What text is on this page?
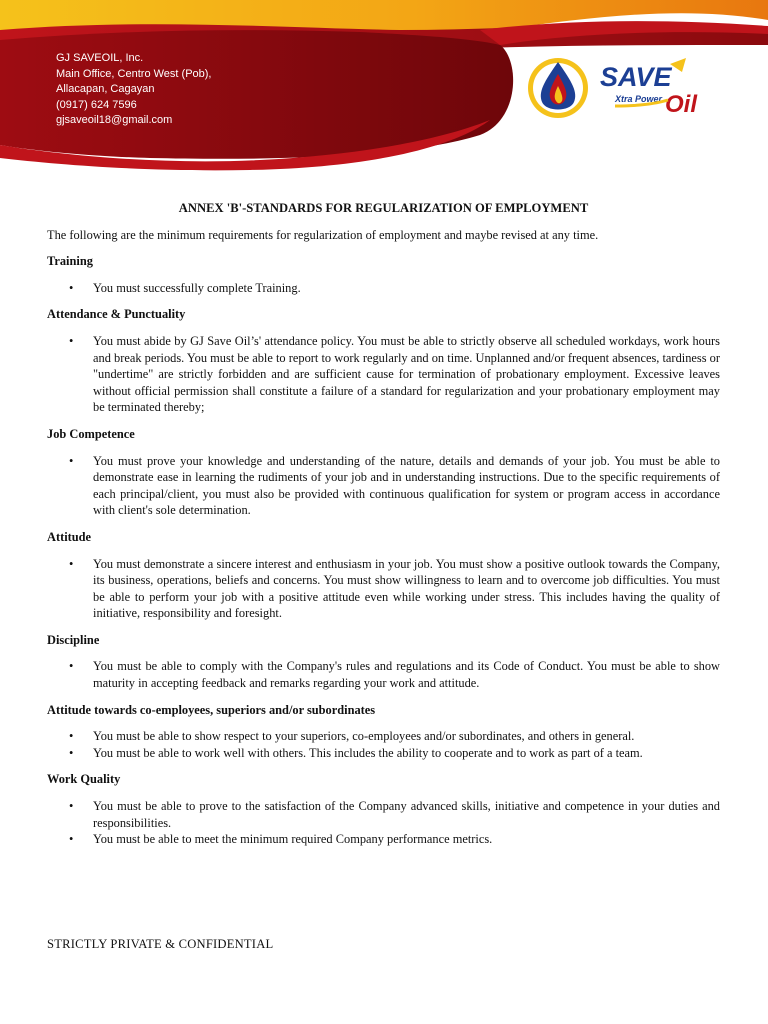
GJ SAVEOIL, Inc.
Main Office, Centro West (Pob),
Allacapan, Cagayan
(0917) 624 7596
gjsaveoil18@gmail.com
SAVE
Oil
Xtra Power
ANNEX 'B'-STANDARDS FOR REGULARIZATION OF EMPLOYMENT
The following are the minimum requirements for regularization of employment and maybe revised at any time.
Training
• You must successfully complete Training.
Attendance & Punctuality
• You must abide by GJ Save Oil’s' attendance policy. You must be able to strictly observe all scheduled workdays, work hours and break periods. You must be able to report to work regularly and on time. Unplanned and/or frequent absences, tardiness or "undertime" are strictly forbidden and are sufficient cause for termination of probationary employment. Excessive leaves without official permission shall constitute a failure of a standard for regularization and your probationary employment may be terminated thereby;
Job Competence
• You must prove your knowledge and understanding of the nature, details and demands of your job. You must be able to demonstrate ease in learning the rudiments of your job and in understanding instructions. Due to the specific requirements of each principal/client, you must also be provided with continuous qualification for system or program access in accordance with client's sole determination.
Attitude
• You must demonstrate a sincere interest and enthusiasm in your job. You must show a positive outlook towards the Company, its business, operations, beliefs and concerns. You must show willingness to learn and to overcome job difficulties. You must be able to perform your job with a positive attitude even while working under stress. This includes having the quality of initiative, responsibility and foresight.
Discipline
• You must be able to comply with the Company's rules and regulations and its Code of Conduct. You must be able to show maturity in accepting feedback and remarks regarding your work and attitude.
Attitude towards co-employees, superiors and/or subordinates
• You must be able to show respect to your superiors, co-employees and/or subordinates, and others in general.
• You must be able to work well with others. This includes the ability to cooperate and to work as part of a team.
Work Quality
• You must be able to prove to the satisfaction of the Company advanced skills, initiative and competence in your duties and responsibilities.
• You must be able to meet the minimum required Company performance metrics.
STRICTLY PRIVATE & CONFIDENTIAL
